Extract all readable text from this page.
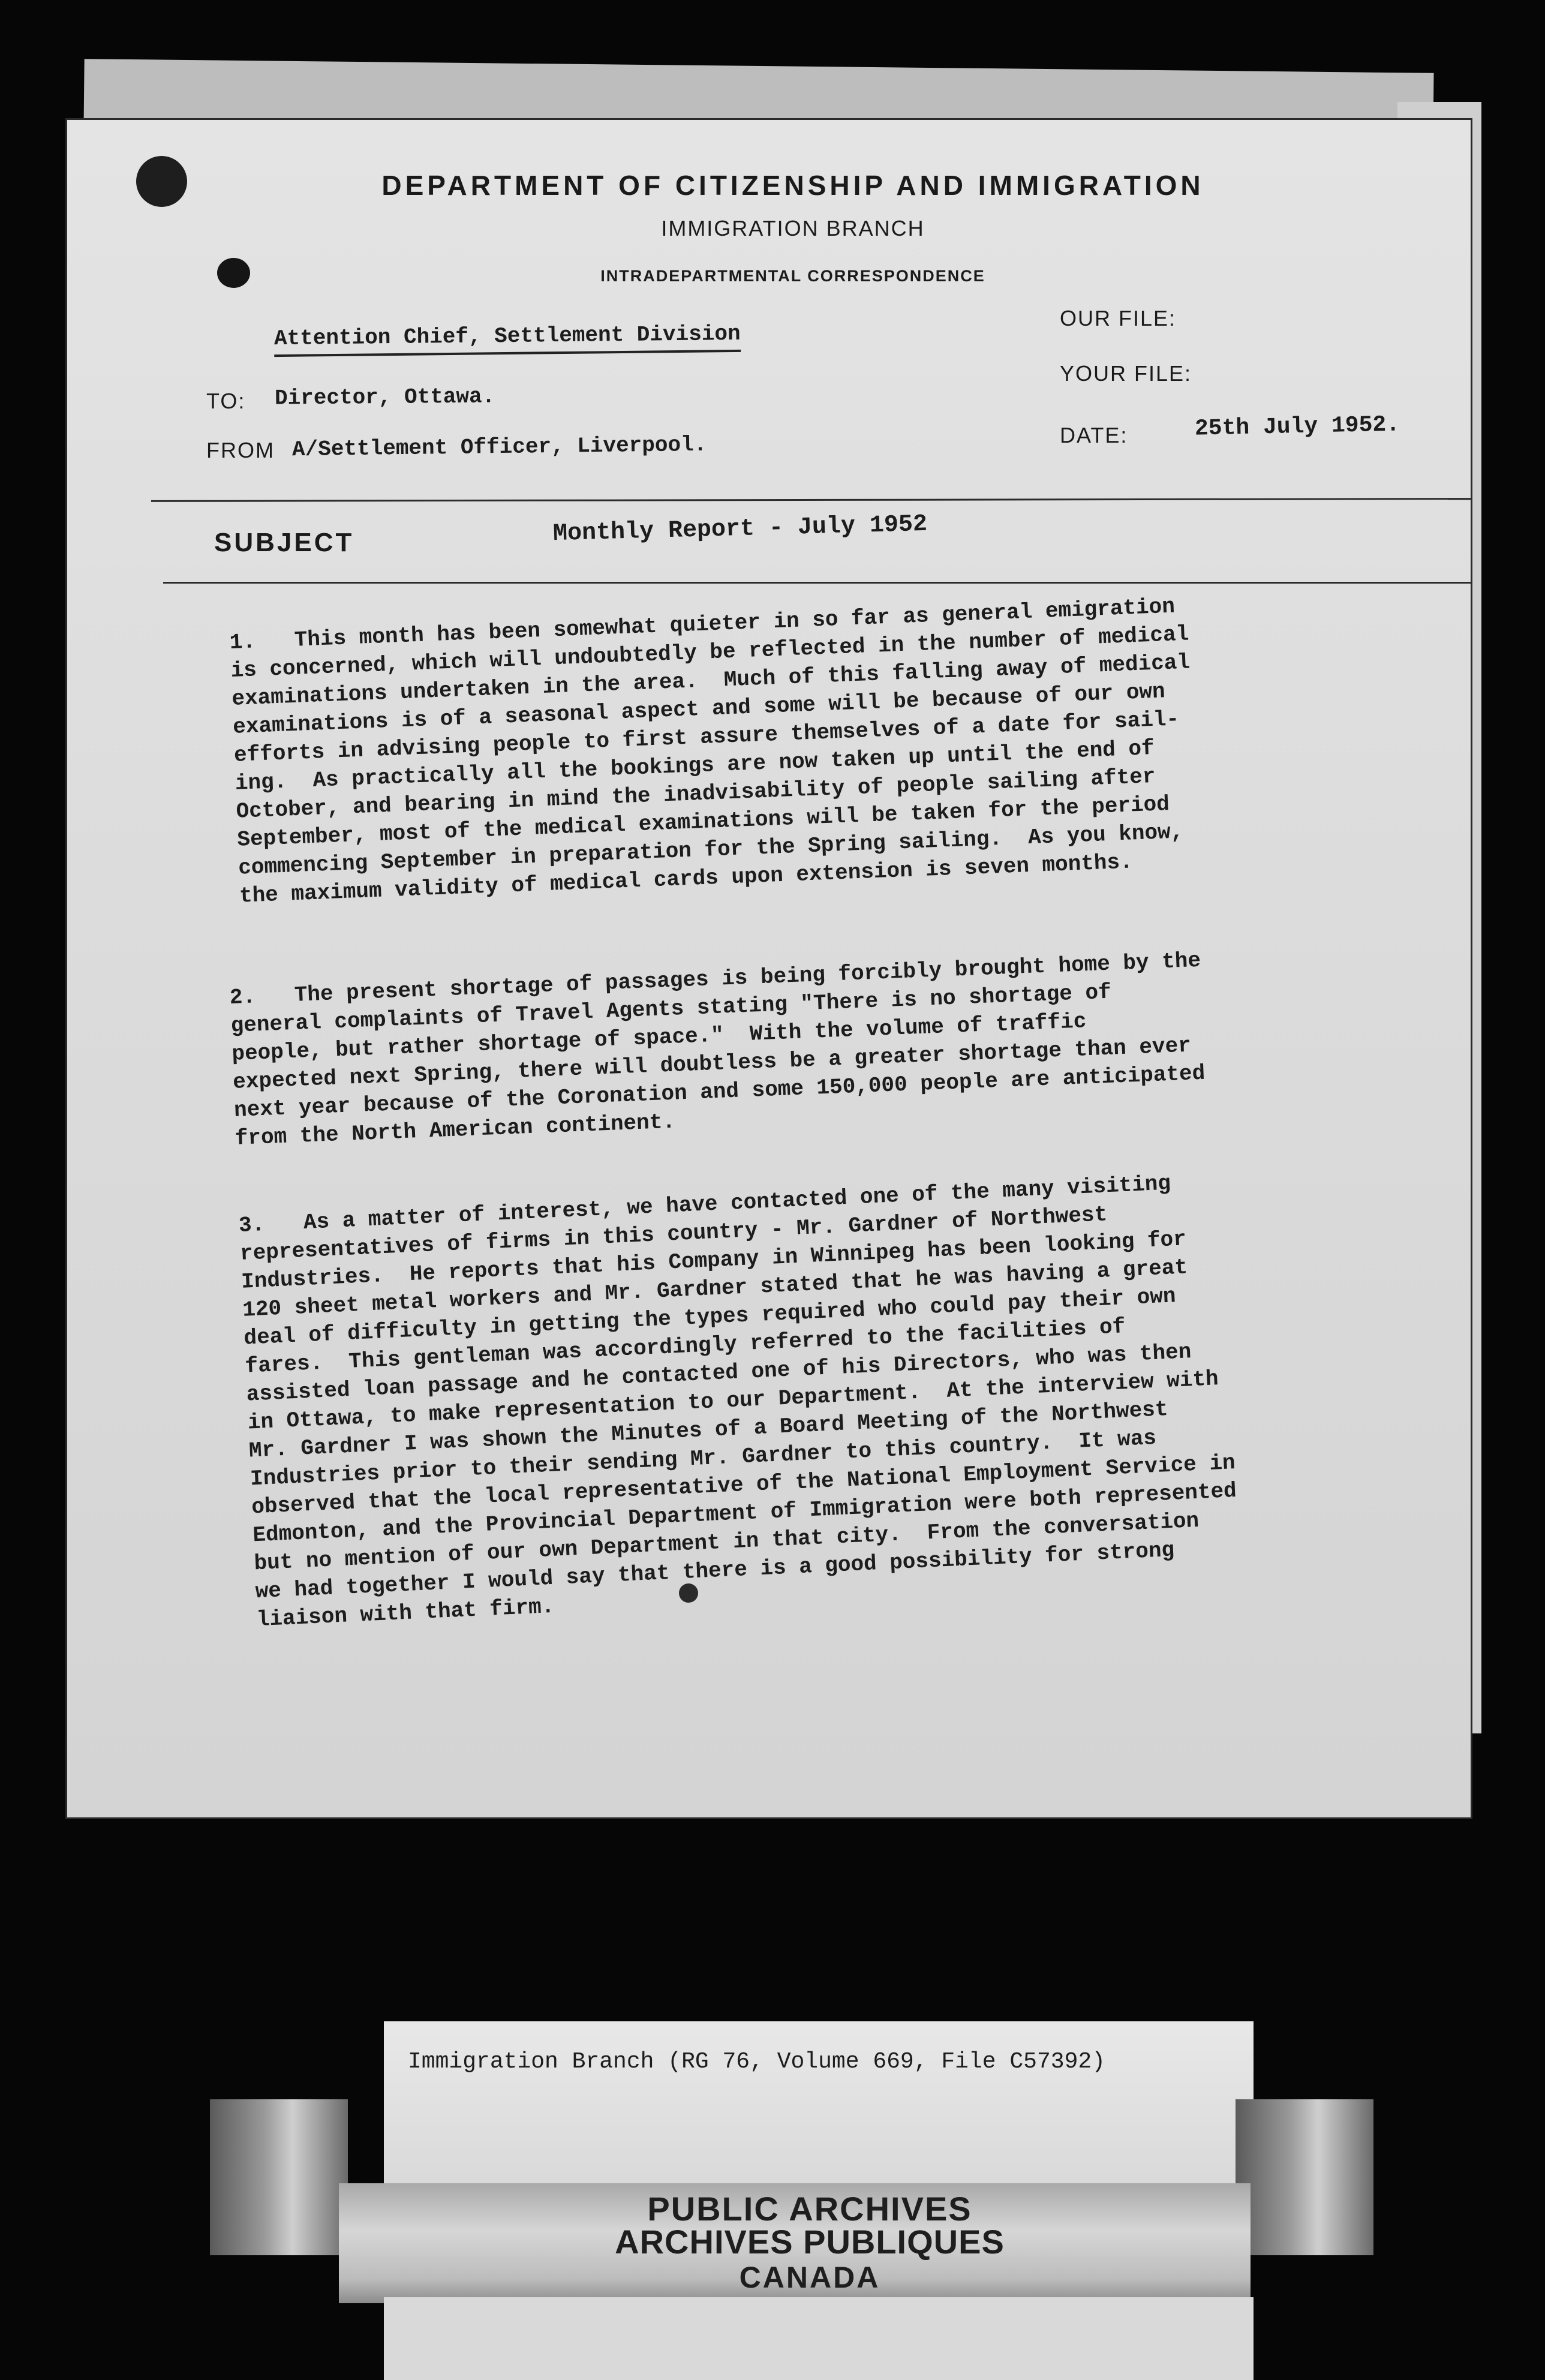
DEPARTMENT OF CITIZENSHIP AND IMMIGRATION
IMMIGRATION BRANCH
INTRADEPARTMENTAL CORRESPONDENCE
Attention Chief, Settlement Division
TO: Director, Ottawa.
FROM A/Settlement Officer, Liverpool.
OUR FILE:
YOUR FILE:
DATE:	25th July 1952.
SUBJECT	Monthly Report - July 1952
1.   This month has been somewhat quieter in so far as general emigration
is concerned, which will undoubtedly be reflected in the number of medical
examinations undertaken in the area.  Much of this falling away of medical
examinations is of a seasonal aspect and some will be because of our own
efforts in advising people to first assure themselves of a date for sail-
ing.  As practically all the bookings are now taken up until the end of
October, and bearing in mind the inadvisability of people sailing after
September, most of the medical examinations will be taken for the period
commencing September in preparation for the Spring sailing.  As you know,
the maximum validity of medical cards upon extension is seven months.
2.   The present shortage of passages is being forcibly brought home by the
general complaints of Travel Agents stating "There is no shortage of
people, but rather shortage of space."  With the volume of traffic
expected next Spring, there will doubtless be a greater shortage than ever
next year because of the Coronation and some 150,000 people are anticipated
from the North American continent.
3.   As a matter of interest, we have contacted one of the many visiting
representatives of firms in this country - Mr. Gardner of Northwest
Industries.  He reports that his Company in Winnipeg has been looking for
120 sheet metal workers and Mr. Gardner stated that he was having a great
deal of difficulty in getting the types required who could pay their own
fares.  This gentleman was accordingly referred to the facilities of
assisted loan passage and he contacted one of his Directors, who was then
in Ottawa, to make representation to our Department.  At the interview with
Mr. Gardner I was shown the Minutes of a Board Meeting of the Northwest
Industries prior to their sending Mr. Gardner to this country.  It was
observed that the local representative of the National Employment Service in
Edmonton, and the Provincial Department of Immigration were both represented
but no mention of our own Department in that city.  From the conversation
we had together I would say that there is a good possibility for strong
liaison with that firm.
Immigration Branch (RG 76, Volume 669, File C57392)
PUBLIC ARCHIVES
ARCHIVES PUBLIQUES
CANADA
